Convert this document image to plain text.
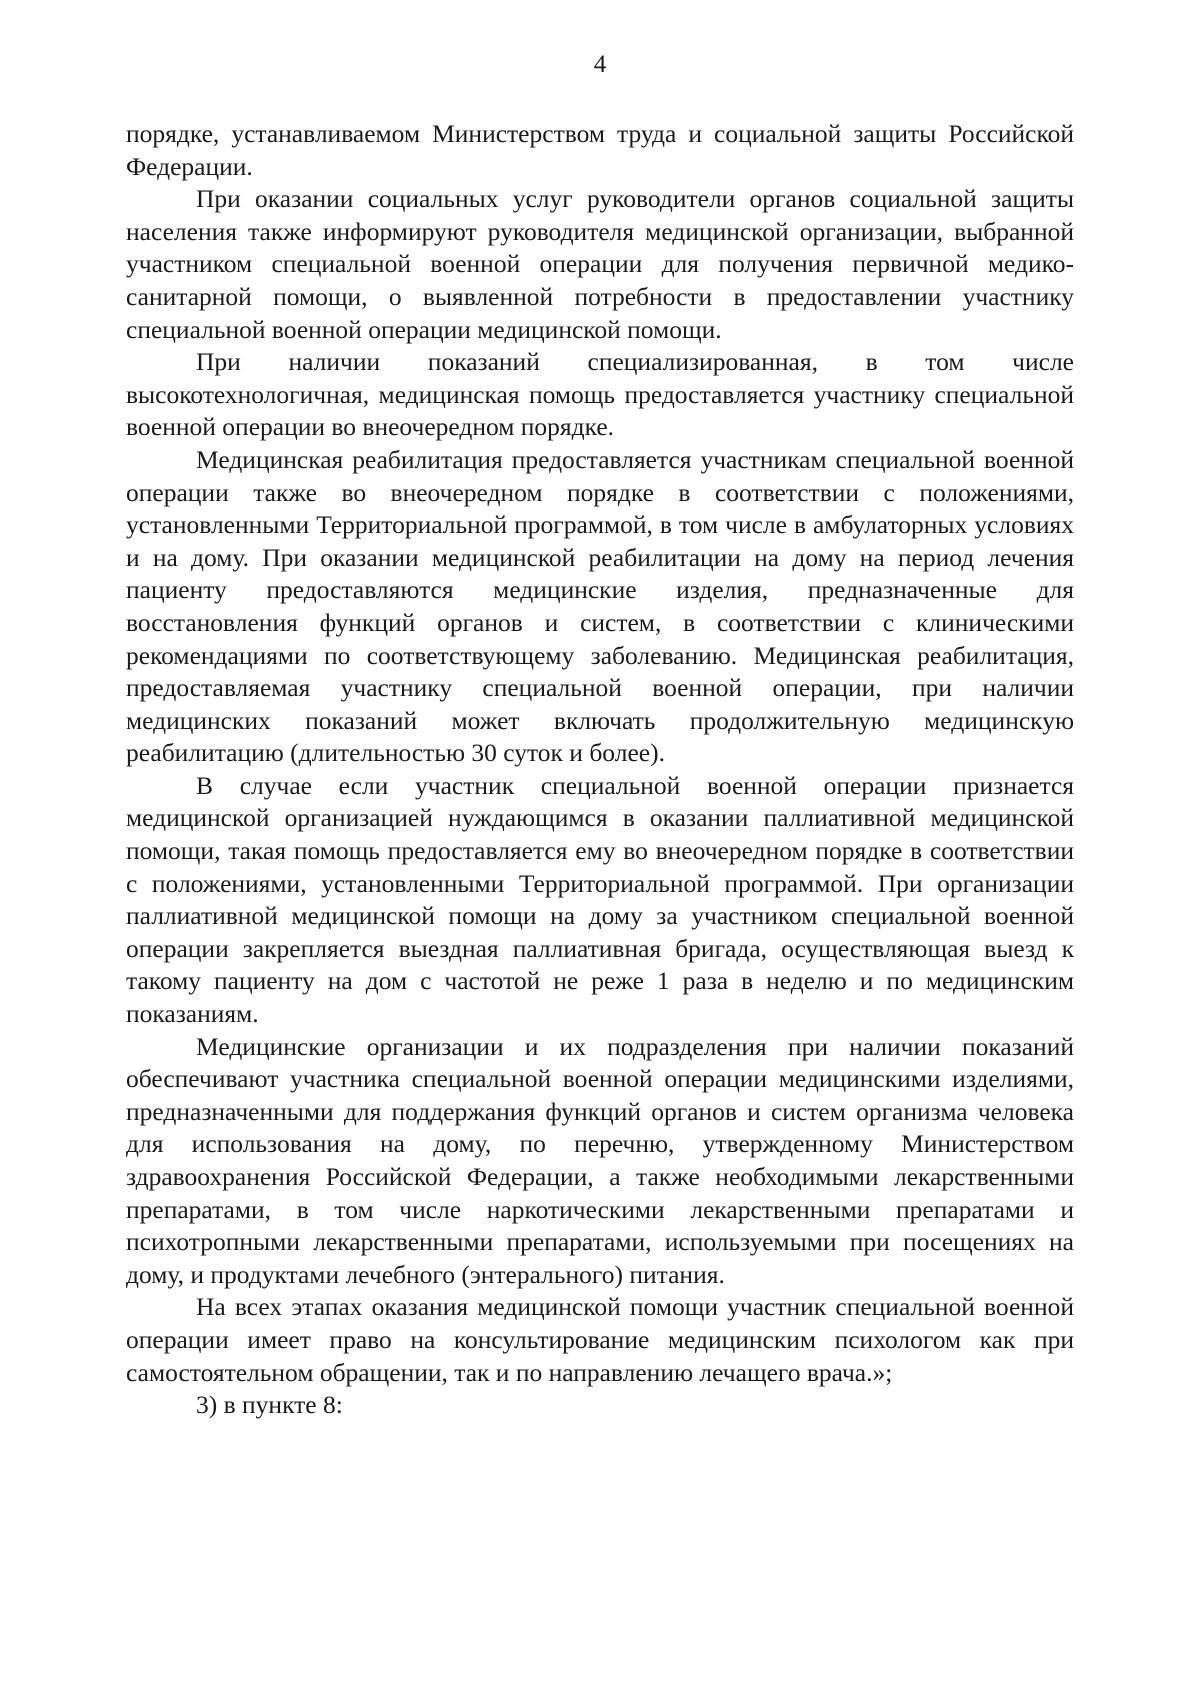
4

порядке, устанавливаемом Министерством труда и социальной защиты Российской Федерации.

При оказании социальных услуг руководители органов социальной защиты населения также информируют руководителя медицинской организации, выбранной участником специальной военной операции для получения первичной медико-санитарной помощи, о выявленной потребности в предоставлении участнику специальной военной операции медицинской помощи.

При наличии показаний специализированная, в том числе высокотехнологичная, медицинская помощь предоставляется участнику специальной военной операции во внеочередном порядке.

Медицинская реабилитация предоставляется участникам специальной военной операции также во внеочередном порядке в соответствии с положениями, установленными Территориальной программой, в том числе в амбулаторных условиях и на дому. При оказании медицинской реабилитации на дому на период лечения пациенту предоставляются медицинские изделия, предназначенные для восстановления функций органов и систем, в соответствии с клиническими рекомендациями по соответствующему заболеванию. Медицинская реабилитация, предоставляемая участнику специальной военной операции, при наличии медицинских показаний может включать продолжительную медицинскую реабилитацию (длительностью 30 суток и более).

В случае если участник специальной военной операции признается медицинской организацией нуждающимся в оказании паллиативной медицинской помощи, такая помощь предоставляется ему во внеочередном порядке в соответствии с положениями, установленными Территориальной программой. При организации паллиативной медицинской помощи на дому за участником специальной военной операции закрепляется выездная паллиативная бригада, осуществляющая выезд к такому пациенту на дом с частотой не реже 1 раза в неделю и по медицинским показаниям.

Медицинские организации и их подразделения при наличии показаний обеспечивают участника специальной военной операции медицинскими изделиями, предназначенными для поддержания функций органов и систем организма человека для использования на дому, по перечню, утвержденному Министерством здравоохранения Российской Федерации, а также необходимыми лекарственными препаратами, в том числе наркотическими лекарственными препаратами и психотропными лекарственными препаратами, используемыми при посещениях на дому, и продуктами лечебного (энтерального) питания.

На всех этапах оказания медицинской помощи участник специальной военной операции имеет право на консультирование медицинским психологом как при самостоятельном обращении, так и по направлению лечащего врача.»;

3) в пункте 8:
